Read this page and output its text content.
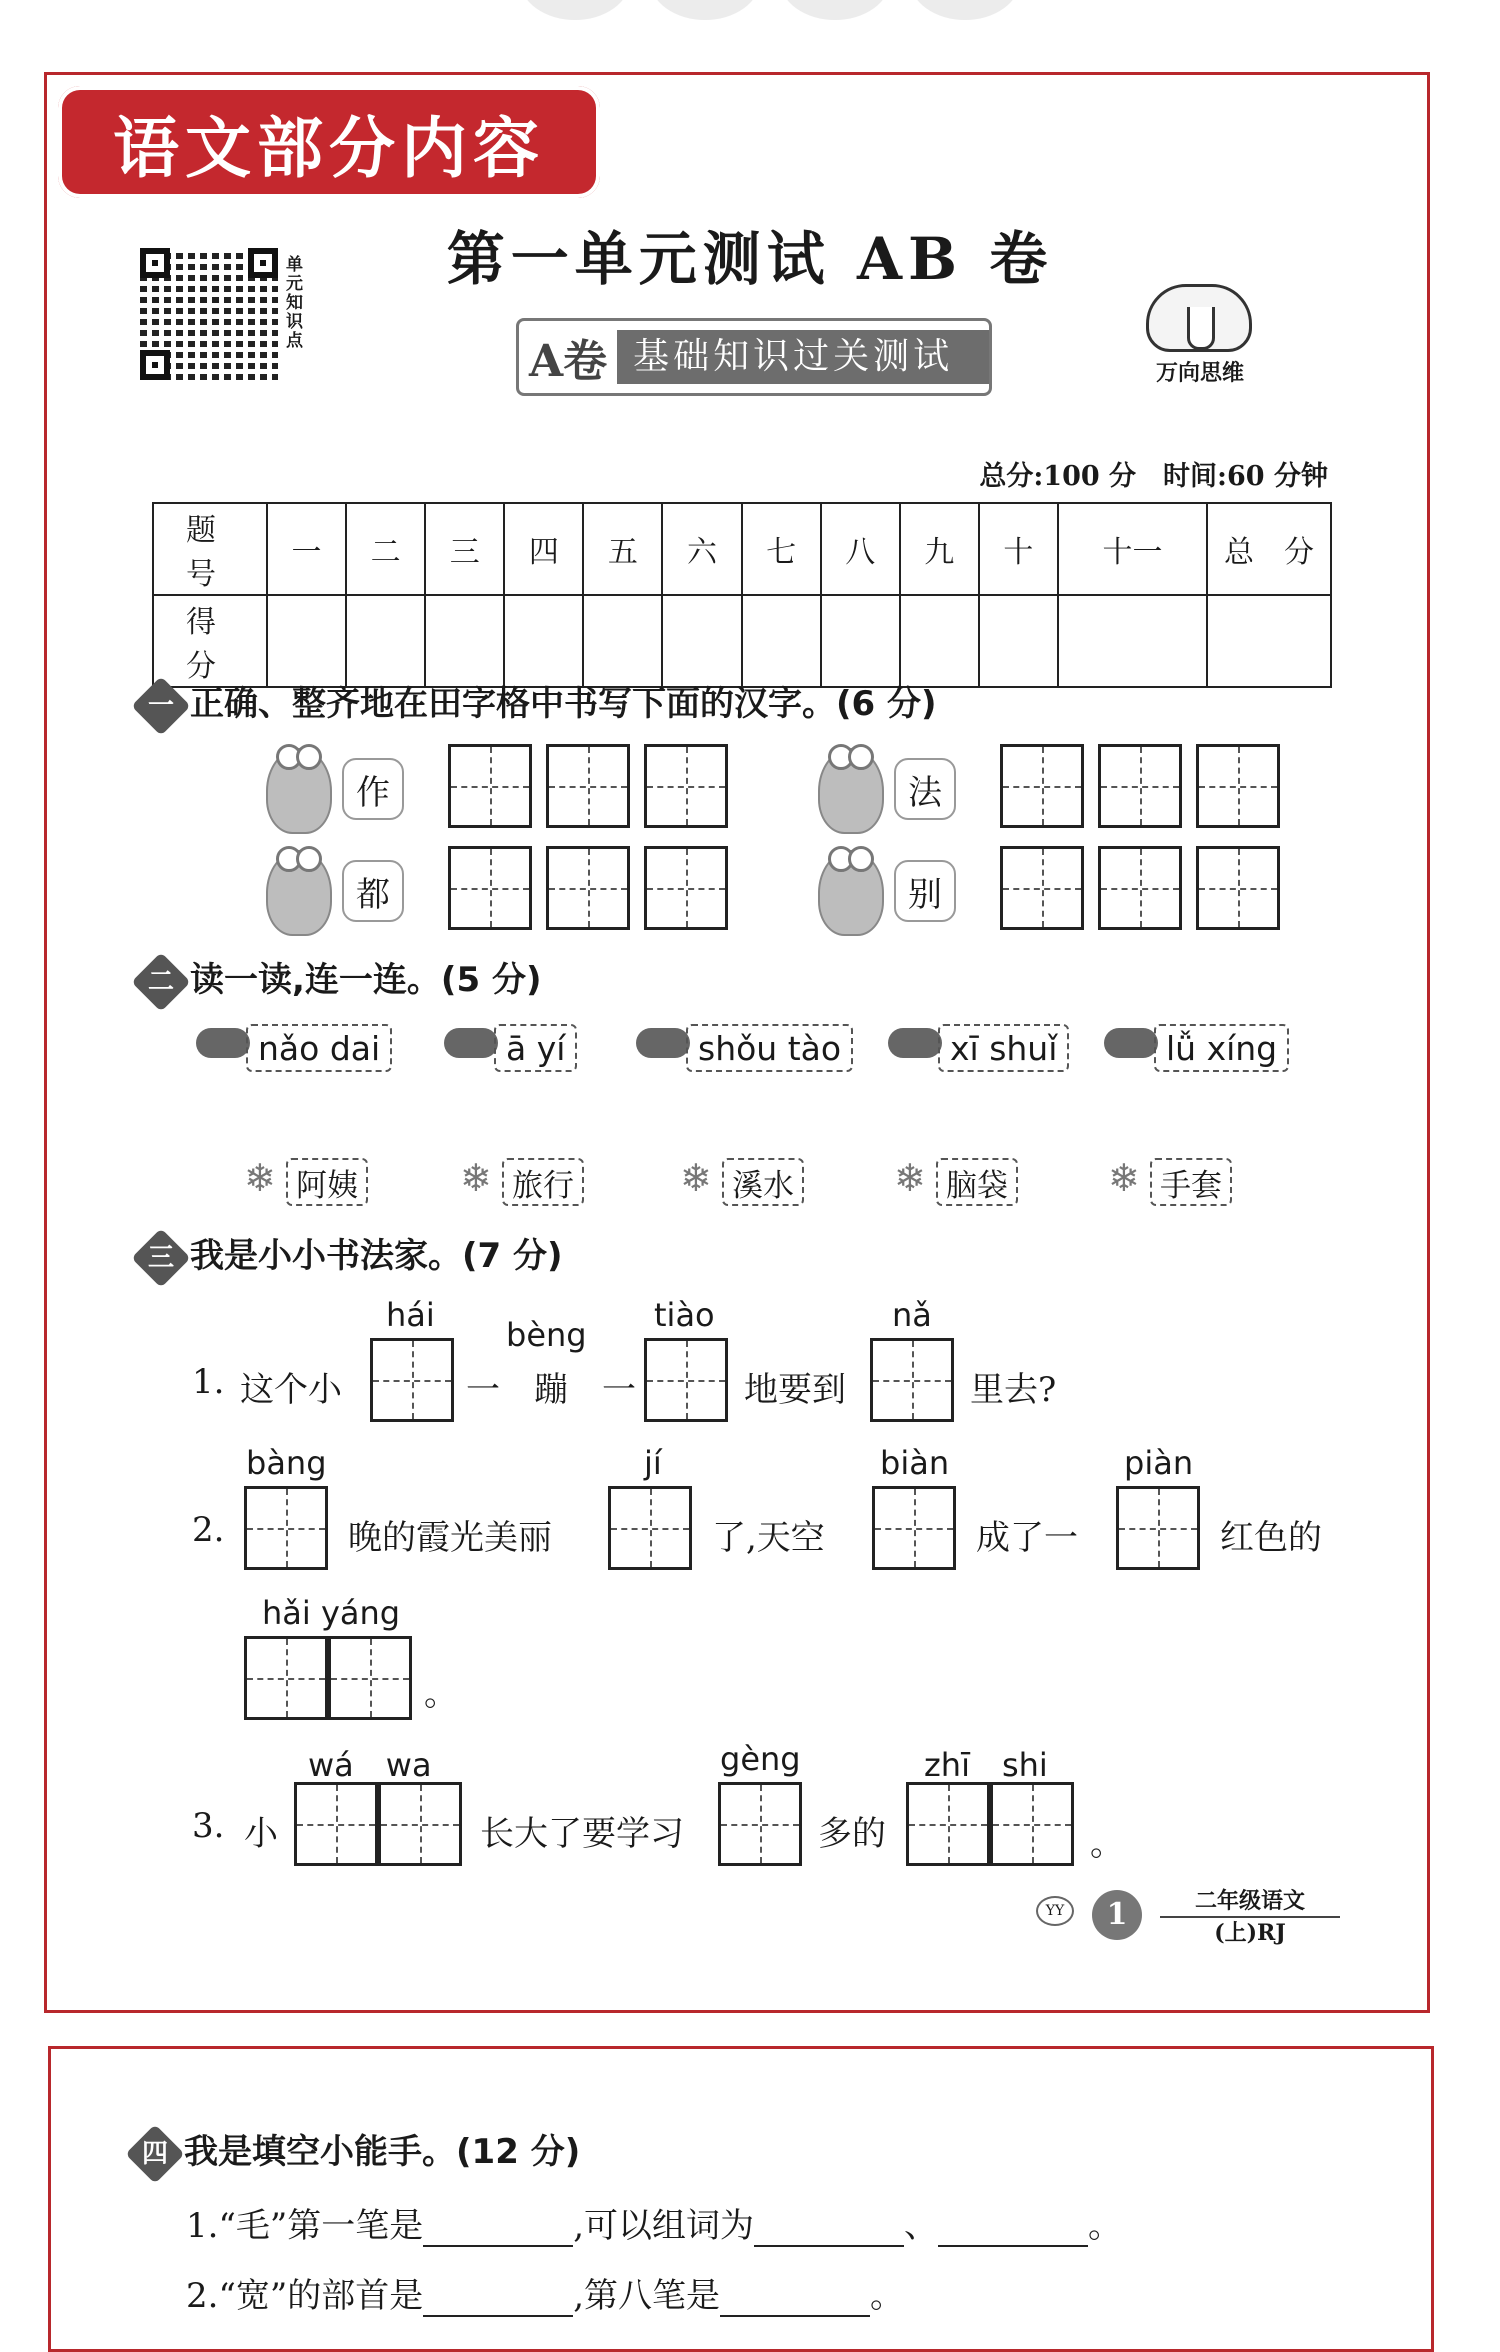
语文部分内容
单元知识点
第一单元测试 AB 卷
A卷 基础知识过关测试	万向思维
总分:100 分　时间:60 分钟
题　号	一	二	三	四	五	六	七	八	九	十	十一	总　分
得　分												
一 正确、整齐地在田字格中书写下面的汉字。(6 分)
作	法
都	别
二 读一读,连一连。(5 分)
nǎo dai	ā yí	shǒu tào	xī shuǐ	lǚ xíng
❄ 阿姨	❄ 旅行	❄ 溪水	❄ 脑袋	❄ 手套
三 我是小小书法家。(7 分)
1. 这个小
hái
bèng
一　蹦　一
tiào
地要到
nǎ
里去?
2.
bàng
晚的霞光美丽
jí
了,天空
biàn
成了一
piàn
红色的
hǎi yáng
。
3. 小
wá　wa
长大了要学习
gèng
多的
zhī　shi
。
YY	1	二年级语文
(上)RJ
四 我是填空小能手。(12 分)
1.“毛”第一笔是	,可以组词为	、	。
2.“宽”的部首是	,第八笔是	。
